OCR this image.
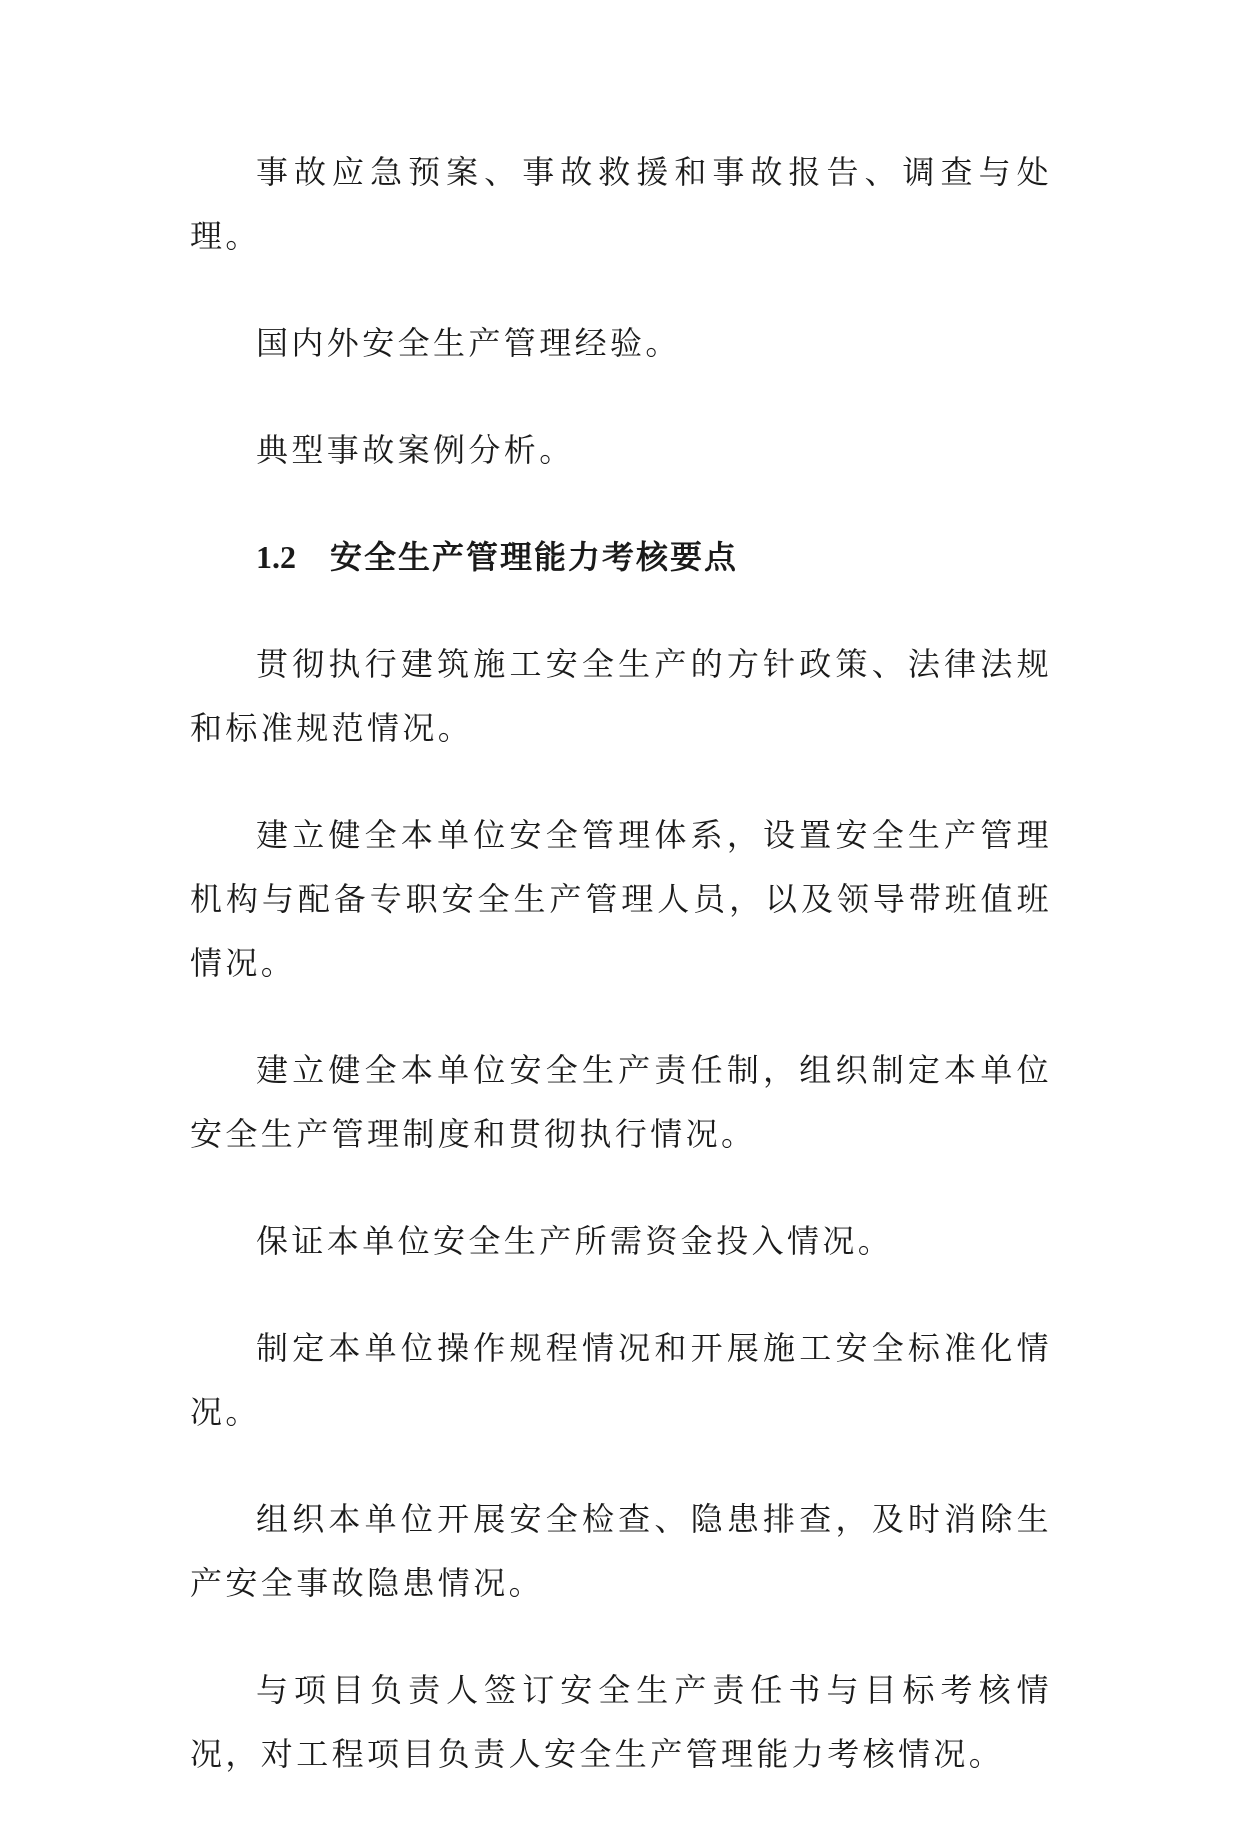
事故应急预案、事故救援和事故报告、调查与处理。

国内外安全生产管理经验。

典型事故案例分析。

1.2 安全生产管理能力考核要点

贯彻执行建筑施工安全生产的方针政策、法律法规和标准规范情况。

建立健全本单位安全管理体系，设置安全生产管理机构与配备专职安全生产管理人员，以及领导带班值班情况。

建立健全本单位安全生产责任制，组织制定本单位安全生产管理制度和贯彻执行情况。

保证本单位安全生产所需资金投入情况。

制定本单位操作规程情况和开展施工安全标准化情况。

组织本单位开展安全检查、隐患排查，及时消除生产安全事故隐患情况。

与项目负责人签订安全生产责任书与目标考核情况，对工程项目负责人安全生产管理能力考核情况。
